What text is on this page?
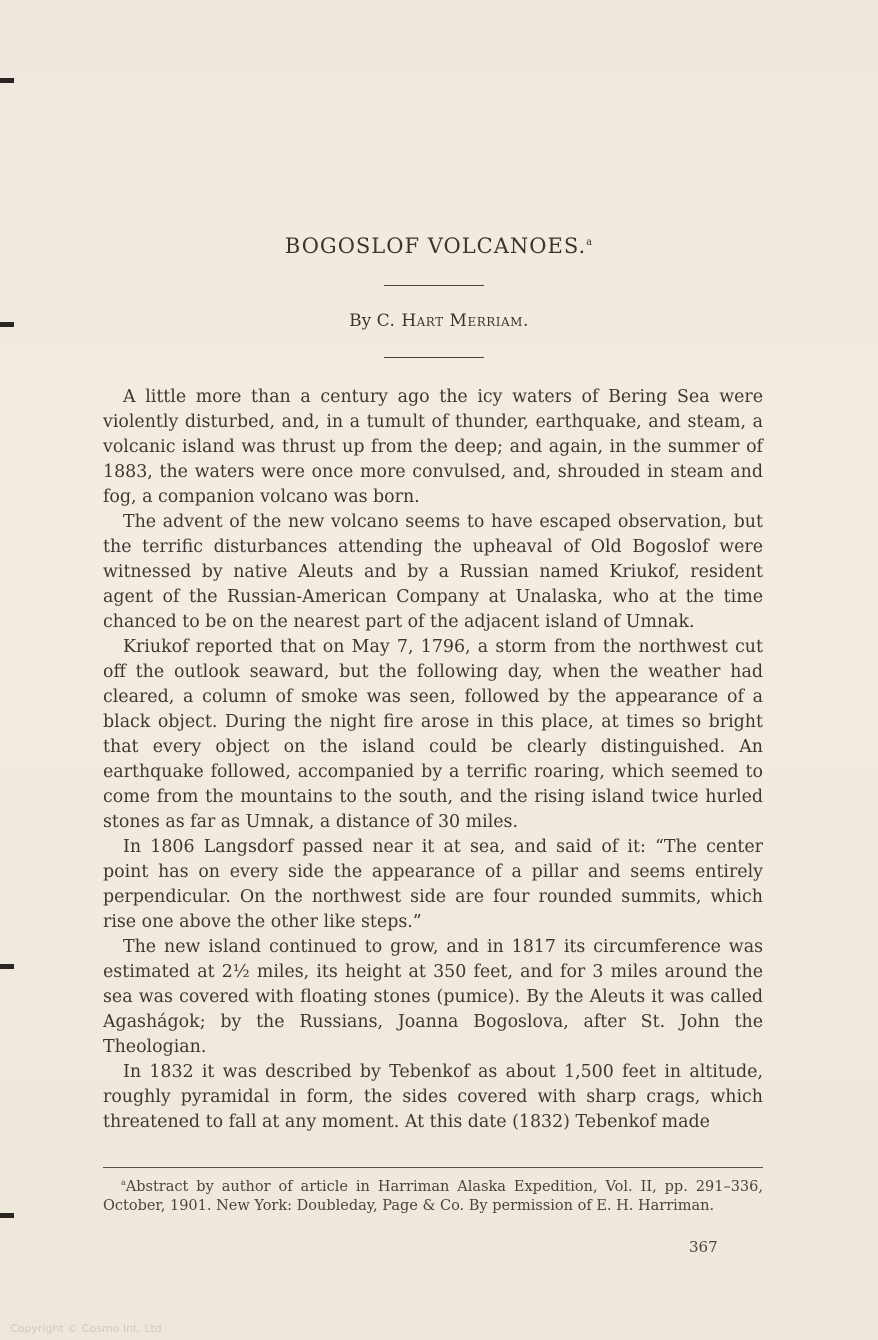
BOGOSLOF VOLCANOES.$^a$
By C. Hart Merriam.

A little more than a century ago the icy waters of Bering Sea were violently disturbed, and, in a tumult of thunder, earthquake, and steam, a volcanic island was thrust up from the deep; and again, in the summer of 1883, the waters were once more convulsed, and, shrouded in steam and fog, a companion volcano was born.

The advent of the new volcano seems to have escaped observation, but the terrific disturbances attending the upheaval of Old Bogoslof were witnessed by native Aleuts and by a Russian named Kriukof, resident agent of the Russian-American Company at Unalaska, who at the time chanced to be on the nearest part of the adjacent island of Umnak.

Kriukof reported that on May 7, 1796, a storm from the northwest cut off the outlook seaward, but the following day, when the weather had cleared, a column of smoke was seen, followed by the appearance of a black object. During the night fire arose in this place, at times so bright that every object on the island could be clearly distinguished. An earthquake followed, accompanied by a terrific roaring, which seemed to come from the mountains to the south, and the rising island twice hurled stones as far as Umnak, a distance of 30 miles.

In 1806 Langsdorf passed near it at sea, and said of it: “The center point has on every side the appearance of a pillar and seems entirely perpendicular. On the northwest side are four rounded summits, which rise one above the other like steps.”

The new island continued to grow, and in 1817 its circumference was estimated at 2½ miles, its height at 350 feet, and for 3 miles around the sea was covered with floating stones (pumice). By the Aleuts it was called Agashágok; by the Russians, Joanna Bogoslova, after St. John the Theologian.

In 1832 it was described by Tebenkof as about 1,500 feet in altitude, roughly pyramidal in form, the sides covered with sharp crags, which threatened to fall at any moment. At this date (1832) Tebenkof made

$^a$Abstract by author of article in Harriman Alaska Expedition, Vol. II, pp. 291–336, October, 1901. New York: Doubleday, Page & Co. By permission of E. H. Harriman.
367
Copyright © Cosmo Int. Ltd
